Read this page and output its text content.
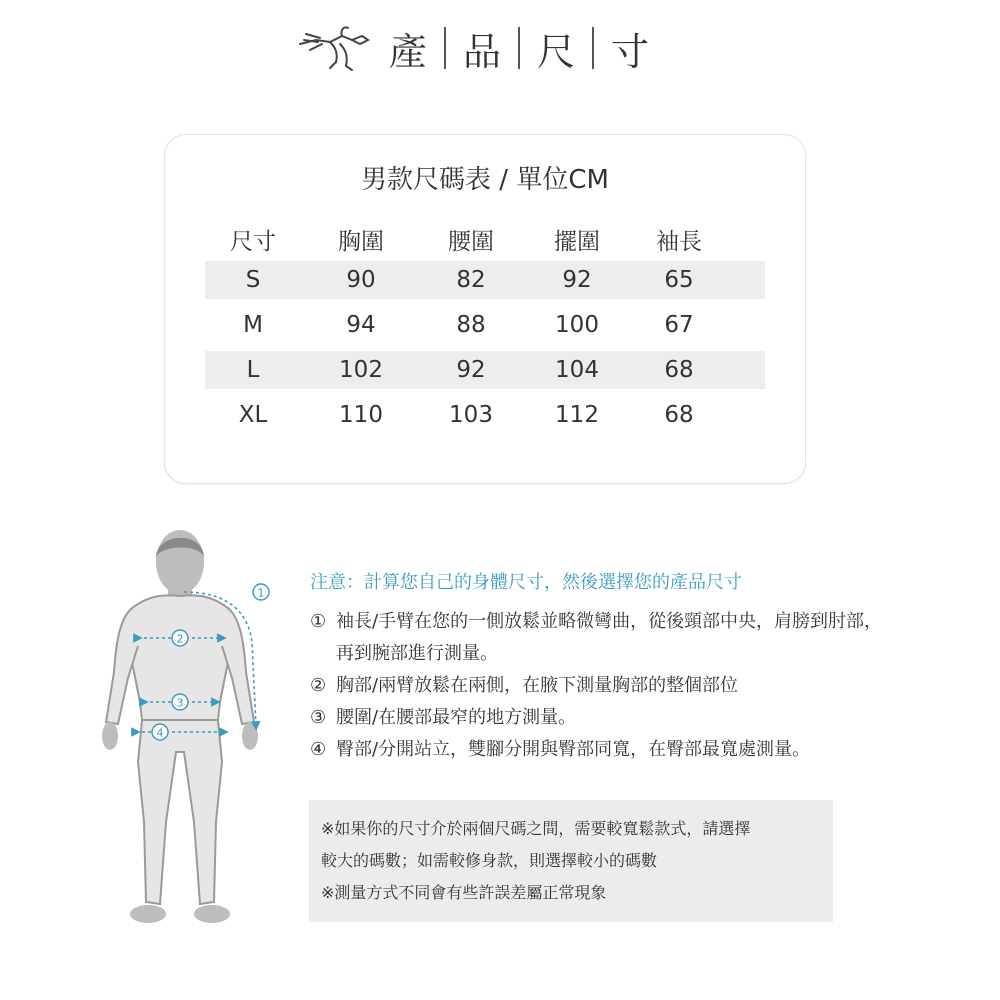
產 品 尺 寸
男款尺碼表 / 單位CM
尺寸	胸圍	腰圍	擺圍	袖長
S	90	82	92	65
M	94	88	100	67
L	102	92	104	68
XL	110	103	112	68
1
2
3
4
注意：計算您自己的身體尺寸，然後選擇您的產品尺寸
① 袖長/手臂在您的一側放鬆並略微彎曲，從後頸部中央，肩膀到肘部，
再到腕部進行測量。
② 胸部/兩臂放鬆在兩側，在腋下測量胸部的整個部位
③ 腰圍/在腰部最窄的地方測量。
④ 臀部/分開站立，雙腳分開與臀部同寬，在臀部最寬處測量。
※如果你的尺寸介於兩個尺碼之間，需要較寬鬆款式，請選擇
較大的碼數；如需較修身款，則選擇較小的碼數
※測量方式不同會有些許誤差屬正常現象
